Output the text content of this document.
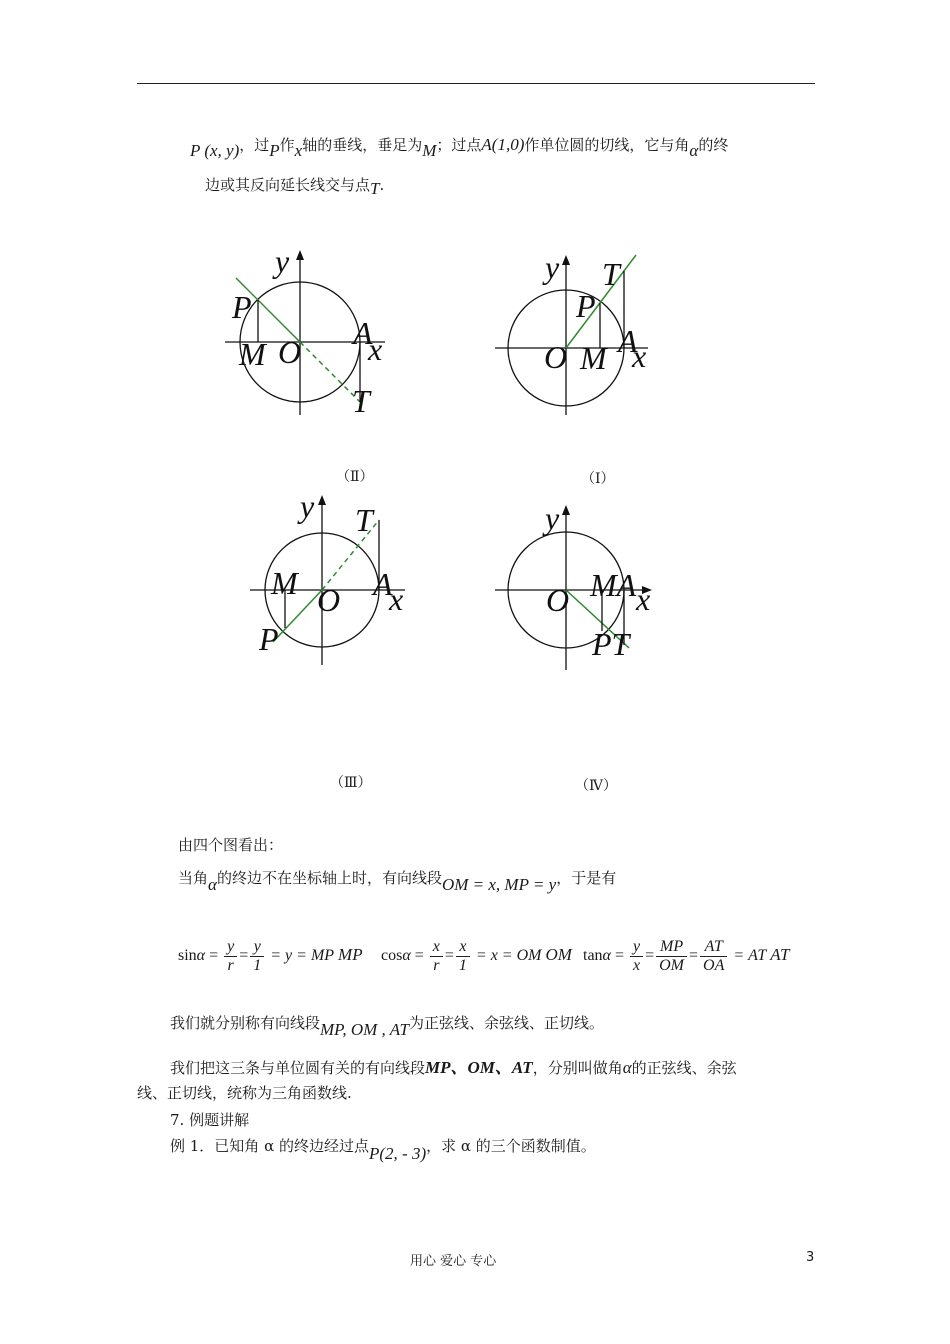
P (x, y)，过P作x轴的垂线，垂足为M；过点A(1,0)作单位圆的切线，它与角α的终
边或其反向延长线交与点T.
y
P
M O
A
x
T
y T
P
O M A
x
（Ⅱ）	（Ⅰ）
y T
M O A
x
P
y
O MA x
PT
（Ⅲ）	（Ⅳ）
由四个图看出：
当角α的终边不在坐标轴上时，有向线段OM = x, MP = y，于是有
$\sin\alpha = \frac{y}{r} = \frac{y}{1} = y$ = MP MP $\cos\alpha = \frac{x}{r} = \frac{x}{1} = x$ = OM OM $\tan\alpha = \frac{y}{x} = \frac{MP}{OM} = \frac{AT}{OA}$ = AT AT
我们就分别称有向线段MP, OM , AT为正弦线、余弦线、正切线。
我们把这三条与单位圆有关的有向线段MP、OM、AT，分别叫做角α的正弦线、余弦
线、正切线，统称为三角函数线.
7. 例题讲解
例 1．已知角 α 的终边经过点P(2, - 3)，求 α 的三个函数制值。
用心 爱心 专心	3
